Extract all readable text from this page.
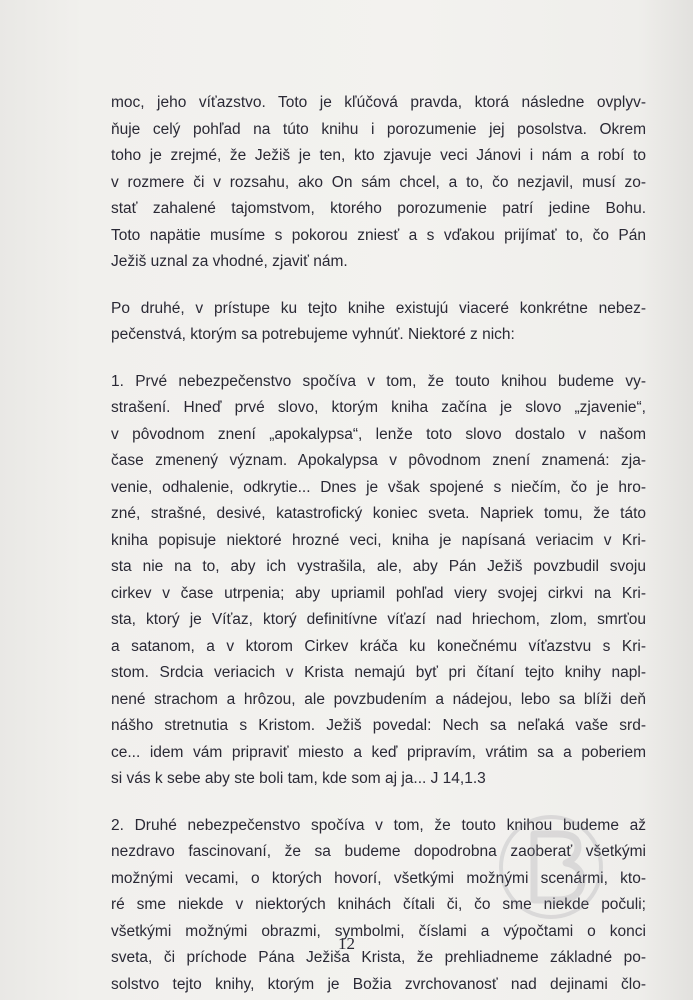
moc, jeho víťazstvo. Toto je kľúčová pravda, ktorá následne ovplyv-
ňuje celý pohľad na túto knihu i porozumenie jej posolstva. Okrem
toho je zrejmé, že Ježiš je ten, kto zjavuje veci Jánovi i nám a robí to
v rozmere či v rozsahu, ako On sám chcel, a to, čo nezjavil, musí zo-
stať zahalené tajomstvom, ktorého porozumenie patrí jedine Bohu.
Toto napätie musíme s pokorou zniesť a s vďakou prijímať to, čo Pán
Ježiš uznal za vhodné, zjaviť nám.
Po druhé, v prístupe ku tejto knihe existujú viaceré konkrétne nebez-
pečenstvá, ktorým sa potrebujeme vyhnúť. Niektoré z nich:
1. Prvé nebezpečenstvo spočíva v tom, že touto knihou budeme vy-
strašení. Hneď prvé slovo, ktorým kniha začína je slovo „zjavenie“,
v pôvodnom znení „apokalypsa“, lenže toto slovo dostalo v našom
čase zmenený význam. Apokalypsa v pôvodnom znení znamená: zja-
venie, odhalenie, odkrytie... Dnes je však spojené s niečím, čo je hro-
zné, strašné, desivé, katastrofický koniec sveta. Napriek tomu, že táto
kniha popisuje niektoré hrozné veci, kniha je napísaná veriacim v Kri-
sta nie na to, aby ich vystrašila, ale, aby Pán Ježiš povzbudil svoju
cirkev v čase utrpenia; aby upriamil pohľad viery svojej cirkvi na Kri-
sta, ktorý je Víťaz, ktorý definitívne víťazí nad hriechom, zlom, smrťou
a satanom, a v ktorom Cirkev kráča ku konečnému víťazstvu s Kri-
stom. Srdcia veriacich v Krista nemajú byť pri čítaní tejto knihy napl-
nené strachom a hrôzou, ale povzbudením a nádejou, lebo sa blíži deň
nášho stretnutia s Kristom. Ježiš povedal: Nech sa neľaká vaše srd-
ce... idem vám pripraviť miesto a keď pripravím, vrátim sa a poberiem
si vás k sebe aby ste boli tam, kde som aj ja... J 14,1.3
2. Druhé nebezpečenstvo spočíva v tom, že touto knihou budeme až
nezdravo fascinovaní, že sa budeme dopodrobna zaoberať všetkými
možnými vecami, o ktorých hovorí, všetkými možnými scenármi, kto-
ré sme niekde v niektorých knihách čítali či, čo sme niekde počuli;
všetkými možnými obrazmi, symbolmi, číslami a výpočtami o konci
sveta, či príchode Pána Ježiša Krista, že prehliadneme základné po-
solstvo tejto knihy, ktorým je Božia zvrchovanosť nad dejinami člo-
12
